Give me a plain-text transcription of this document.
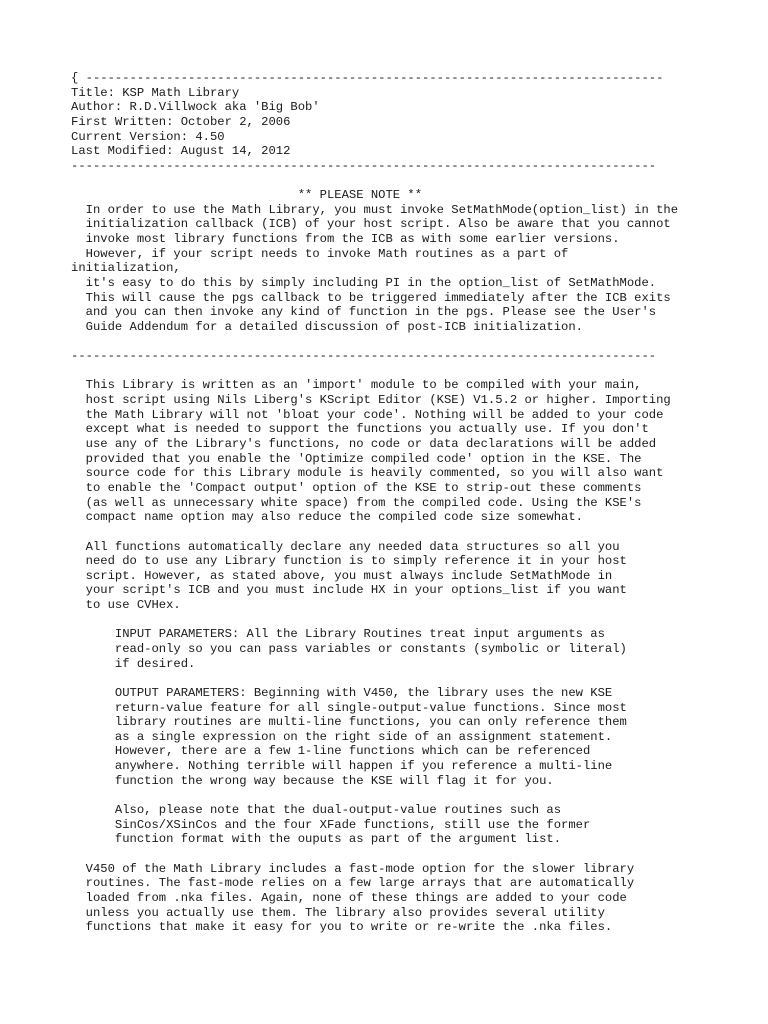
{ -------------------------------------------------------------------------------
Title: KSP Math Library
Author: R.D.Villwock aka 'Big Bob'
First Written: October 2, 2006
Current Version: 4.50
Last Modified: August 14, 2012
--------------------------------------------------------------------------------
** PLEASE NOTE **
In order to use the Math Library, you must invoke SetMathMode(option_list) in the
initialization callback (ICB) of your host script. Also be aware that you cannot
invoke most library functions from the ICB as with some earlier versions.
However, if your script needs to invoke Math routines as a part of
initialization,
it's easy to do this by simply including PI in the option_list of SetMathMode.
This will cause the pgs callback to be triggered immediately after the ICB exits
and you can then invoke any kind of function in the pgs. Please see the User's
Guide Addendum for a detailed discussion of post-ICB initialization.
--------------------------------------------------------------------------------
This Library is written as an 'import' module to be compiled with your main,
host script using Nils Liberg's KScript Editor (KSE) V1.5.2 or higher. Importing
the Math Library will not 'bloat your code'. Nothing will be added to your code
except what is needed to support the functions you actually use. If you don't
use any of the Library's functions, no code or data declarations will be added
provided that you enable the 'Optimize compiled code' option in the KSE. The
source code for this Library module is heavily commented, so you will also want
to enable the 'Compact output' option of the KSE to strip-out these comments
(as well as unnecessary white space) from the compiled code. Using the KSE's
compact name option may also reduce the compiled code size somewhat.
All functions automatically declare any needed data structures so all you
need do to use any Library function is to simply reference it in your host
script. However, as stated above, you must always include SetMathMode in
your script's ICB and you must include HX in your options_list if you want
to use CVHex.
INPUT PARAMETERS: All the Library Routines treat input arguments as
read-only so you can pass variables or constants (symbolic or literal)
if desired.
OUTPUT PARAMETERS: Beginning with V450, the library uses the new KSE
return-value feature for all single-output-value functions. Since most
library routines are multi-line functions, you can only reference them
as a single expression on the right side of an assignment statement.
However, there are a few 1-line functions which can be referenced
anywhere. Nothing terrible will happen if you reference a multi-line
function the wrong way because the KSE will flag it for you.
Also, please note that the dual-output-value routines such as
SinCos/XSinCos and the four XFade functions, still use the former
function format with the ouputs as part of the argument list.
V450 of the Math Library includes a fast-mode option for the slower library
routines. The fast-mode relies on a few large arrays that are automatically
loaded from .nka files. Again, none of these things are added to your code
unless you actually use them. The library also provides several utility
functions that make it easy for you to write or re-write the .nka files.
